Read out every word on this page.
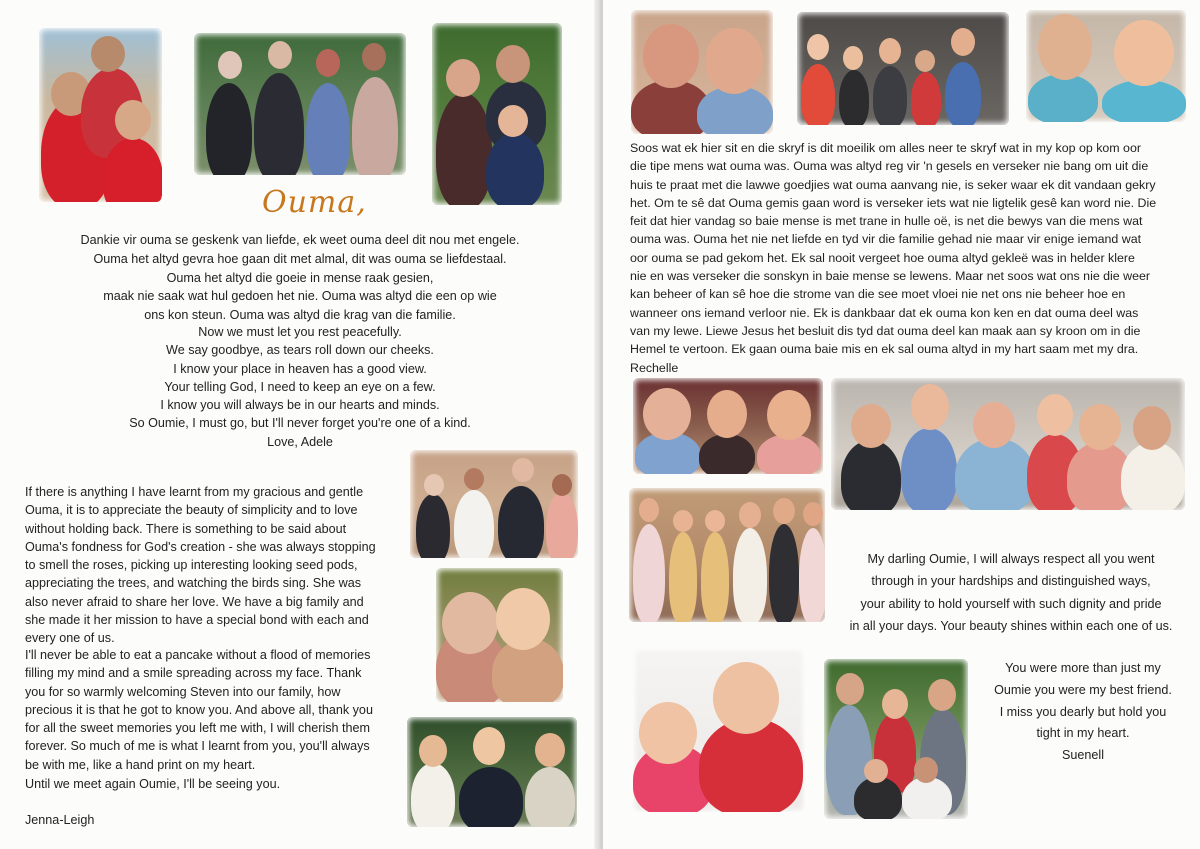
Ouma,
Dankie vir ouma se geskenk van liefde, ek weet ouma deel dit nou met engele.
Ouma het altyd gevra hoe gaan dit met almal, dit was ouma se liefdestaal.
Ouma het altyd die goeie in mense raak gesien,
maak nie saak wat hul gedoen het nie. Ouma was altyd die een op wie
ons kon steun. Ouma was altyd die krag van die familie.
Now we must let you rest peacefully.
We say goodbye, as tears roll down our cheeks.
I know your place in heaven has a good view.
Your telling God, I need to keep an eye on a few.
I know you will always be in our hearts and minds.
So Oumie, I must go, but I'll never forget you're one of a kind.
Love, Adele
If there is anything I have learnt from my gracious and gentle
Ouma, it is to appreciate the beauty of simplicity and to love
without holding back. There is something to be said about
Ouma's fondness for God's creation - she was always stopping
to smell the roses, picking up interesting looking seed pods,
appreciating the trees, and watching the birds sing. She was
also never afraid to share her love. We have a big family and
she made it her mission to have a special bond with each and
every one of us.
I'll never be able to eat a pancake without a flood of memories
filling my mind and a smile spreading across my face. Thank
you for so warmly welcoming Steven into our family, how
precious it is that he got to know you. And above all, thank you
for all the sweet memories you left me with, I will cherish them
forever. So much of me is what I learnt from you, you'll always
be with me, like a hand print on my heart.
Until we meet again Oumie, I'll be seeing you.
Jenna-Leigh
Soos wat ek hier sit en die skryf is dit moeilik om alles neer te skryf wat in my kop op kom oor
die tipe mens wat ouma was. Ouma was altyd reg vir 'n gesels en verseker nie bang om uit die
huis te praat met die lawwe goedjies wat ouma aanvang nie, is seker waar ek dit vandaan gekry
het. Om te sê dat Ouma gemis gaan word is verseker iets wat nie ligtelik gesê kan word nie. Die
feit dat hier vandag so baie mense is met trane in hulle oë, is net die bewys van die mens wat
ouma was. Ouma het nie net liefde en tyd vir die familie gehad nie maar vir enige iemand wat
oor ouma se pad gekom het. Ek sal nooit vergeet hoe ouma altyd gekleë was in helder klere
nie en was verseker die sonskyn in baie mense se lewens. Maar net soos wat ons nie die weer
kan beheer of kan sê hoe die strome van die see moet vloei nie net ons nie beheer hoe en
wanneer ons iemand verloor nie. Ek is dankbaar dat ek ouma kon ken en dat ouma deel was
van my lewe. Liewe Jesus het besluit dis tyd dat ouma deel kan maak aan sy kroon om in die
Hemel te vertoon. Ek gaan ouma baie mis en ek sal ouma altyd in my hart saam met my dra.
Rechelle
My darling Oumie, I will always respect all you went
through in your hardships and distinguished ways,
your ability to hold yourself with such dignity and pride
in all your days. Your beauty shines within each one of us.
You were more than just my
Oumie you were my best friend.
I miss you dearly but hold you
tight in my heart.
Suenell
